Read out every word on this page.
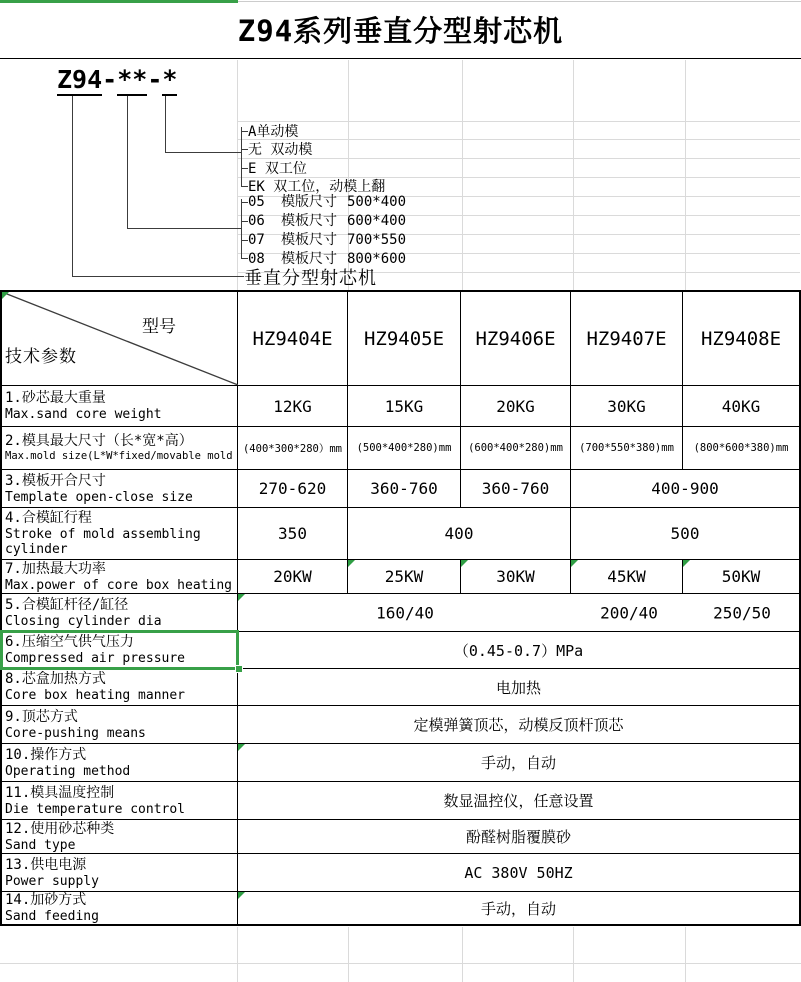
Z94系列垂直分型射芯机
Z94-**-*
A单动模
无 双动模
E 双工位
EK 双工位，动模上翻
05	模版尺寸 500*400
06	模板尺寸 600*400
07	模板尺寸 700*550
08	模板尺寸 800*600
垂直分型射芯机
型号
技术参数
HZ9404E HZ9405E HZ9406E HZ9407E HZ9408E
1.砂芯最大重量
Max.sand core weight	12KG	15KG	20KG	30KG	40KG
2.模具最大尺寸（长*宽*高）
Max.mold size(L*W*fixed/movable mold
(400*300*280）mm (500*400*280)mm (600*400*280)mm (700*550*380)mm (800*600*380)mm
3.模板开合尺寸
Template open-close size	270-620	360-760	360-760	400-900
4.合模缸行程
Stroke of mold assembling cylinder
350	400	500
7.加热最大功率
Max.power of core box heating	20KW	25KW	30KW	45KW	50KW
5.合模缸杆径/缸径
Closing cylinder dia	160/40	200/40	250/50
6.压缩空气供气压力
Compressed air pressure	（0.45-0.7）MPa
8.芯盒加热方式
Core box heating manner	电加热
9.顶芯方式
Core-pushing means	定模弹簧顶芯，动模反顶杆顶芯
10.操作方式
Operating method	手动，自动
11.模具温度控制
Die temperature control	数显温控仪，任意设置
12.使用砂芯种类
Sand type	酚醛树脂覆膜砂
13.供电电源
Power supply	AC 380V 50HZ
14.加砂方式
Sand feeding	手动，自动
